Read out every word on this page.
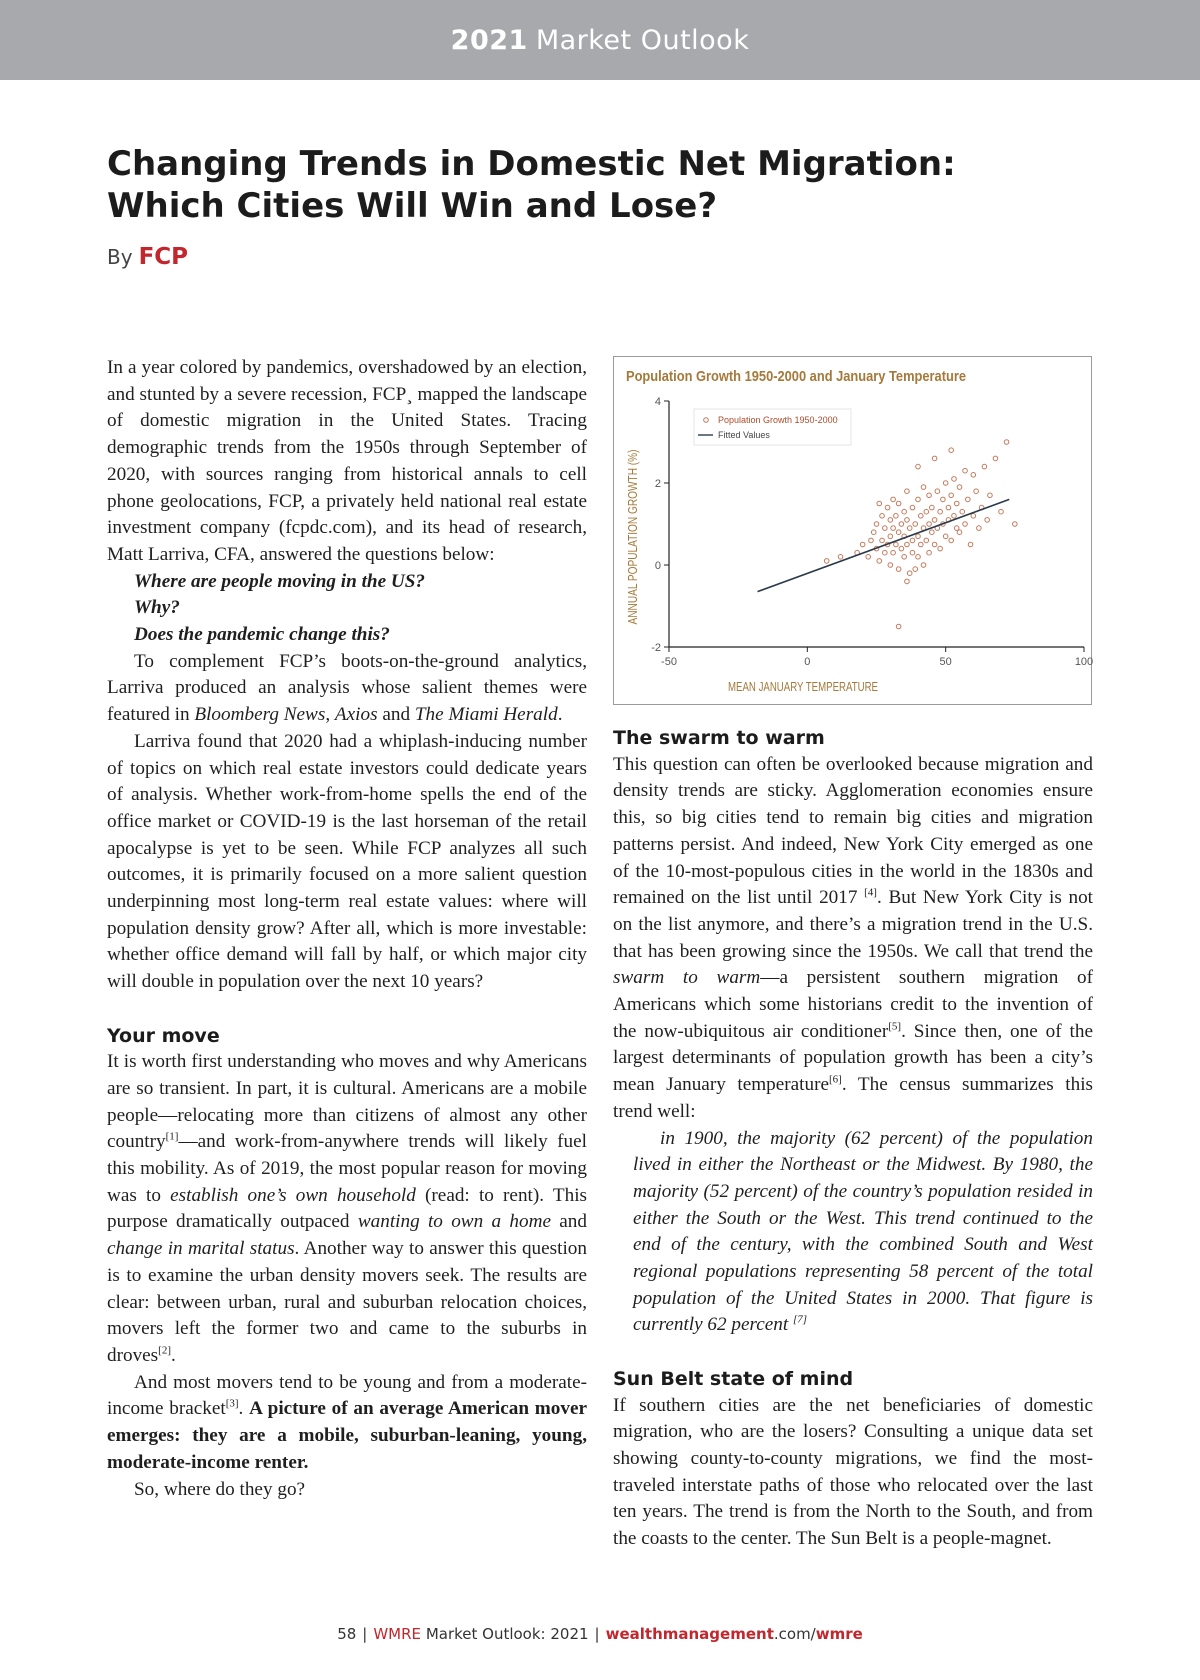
2021 Market Outlook
Changing Trends in Domestic Net Migration:
Which Cities Will Win and Lose?
By FCP

In a year colored by pandemics, overshadowed by an election, and stunted by a severe recession, FCP¸ mapped the landscape of domestic migration in the United States. Tracing demographic trends from the 1950s through September of 2020, with sources ranging from historical annals to cell phone geolocations, FCP, a privately held national real estate investment company (fcpdc.com), and its head of research, Matt Larriva, CFA, answered the questions below:

Where are people moving in the US?

Why?

Does the pandemic change this?

To complement FCP’s boots-on-the-ground analytics, Larriva produced an analysis whose salient themes were featured in Bloomberg News, Axios and The Miami Herald.

Larriva found that 2020 had a whiplash-inducing number of topics on which real estate investors could dedicate years of analysis. Whether work-from-home spells the end of the office market or COVID-19 is the last horseman of the retail apocalypse is yet to be seen. While FCP analyzes all such outcomes, it is primarily focused on a more salient question underpinning most long-term real estate values: where will population density grow? After all, which is more investable: whether office demand will fall by half, or which major city will double in population over the next 10 years?

Your move

It is worth first understanding who moves and why Americans are so transient. In part, it is cultural. Americans are a mobile people—relocating more than citizens of almost any other country[1]—and work-from-anywhere trends will likely fuel this mobility. As of 2019, the most popular reason for moving was to establish one’s own household (read: to rent). This purpose dramatically outpaced wanting to own a home and change in marital status. Another way to answer this question is to examine the urban density movers seek. The results are clear: between urban, rural and suburban relocation choices, movers left the former two and came to the suburbs in droves[2].

And most movers tend to be young and from a moderate-income bracket[3]. A picture of an average American mover emerges: they are a mobile, suburban-leaning, young, moderate-income renter.

So, where do they go?

Population Growth 1950-2000 and January Temperature
-2
0
2
4
-50	0	50	100
Population Growth 1950-2000
Fitted Values
MEAN JANUARY TEMPERATURE
ANNUAL POPULATION GROWTH (%)
The swarm to warm

This question can often be overlooked because migration and density trends are sticky. Agglomeration economies ensure this, so big cities tend to remain big cities and migration patterns persist. And indeed, New York City emerged as one of the 10-most-populous cities in the world in the 1830s and remained on the list until 2017 [4]. But New York City is not on the list anymore, and there’s a migration trend in the U.S. that has been growing since the 1950s. We call that trend the swarm to warm—a persistent southern migration of Americans which some historians credit to the invention of the now-ubiquitous air conditioner[5]. Since then, one of the largest determinants of population growth has been a city’s mean January temperature[6]. The census summarizes this trend well:

in 1900, the majority (62 percent) of the population lived in either the Northeast or the Midwest. By 1980, the majority (52 percent) of the country’s population resided in either the South or the West. This trend continued to the end of the century, with the combined South and West regional populations representing 58 percent of the total population of the United States in 2000. That figure is currently 62 percent [7]

Sun Belt state of mind

If southern cities are the net beneficiaries of domestic migration, who are the losers? Consulting a unique data set showing county-to-county migrations, we find the most-traveled interstate paths of those who relocated over the last ten years. The trend is from the North to the South, and from the coasts to the center. The Sun Belt is a people-magnet.

58 | WMRE Market Outlook: 2021 | wealthmanagement.com/wmre
